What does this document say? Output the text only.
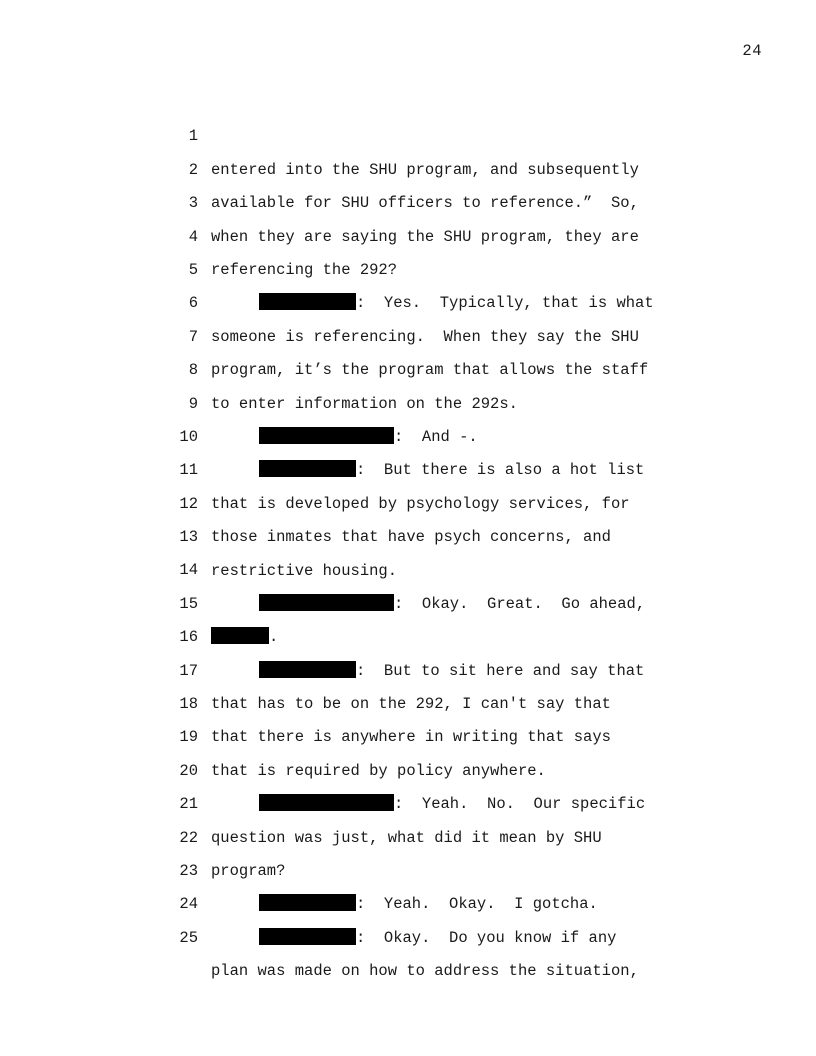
24

1

entered into the SHU program, and subsequently

2

available for SHU officers to reference.”  So,

3

when they are saying the SHU program, they are

4

referencing the 292?

5

:  Yes.  Typically, that is what

6

someone is referencing.  When they say the SHU

7

program, it’s the program that allows the staff

8

to enter information on the 292s.

9

:  And -.

10

:  But there is also a hot list

11

that is developed by psychology services, for

12

those inmates that have psych concerns, and

13

restrictive housing.

14

:  Okay.  Great.  Go ahead,

15

.

16

:  But to sit here and say that

17

that has to be on the 292, I can't say that

18

that there is anywhere in writing that says

19

that is required by policy anywhere.

20

:  Yeah.  No.  Our specific

21

question was just, what did it mean by SHU

22

program?

23

:  Yeah.  Okay.  I gotcha.

24

:  Okay.  Do you know if any

25

plan was made on how to address the situation,
